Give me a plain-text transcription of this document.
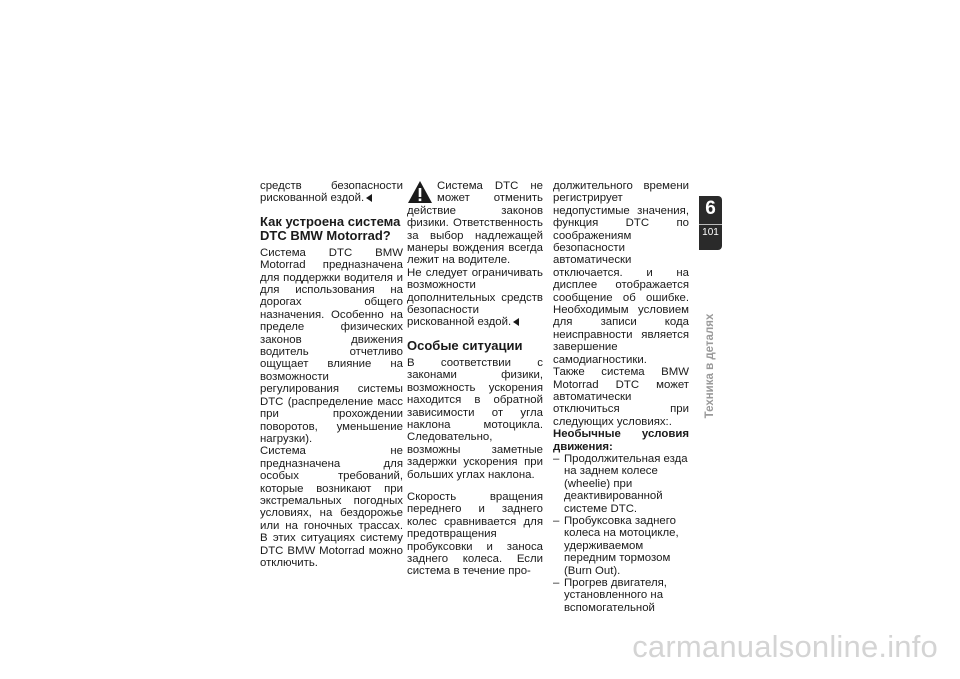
средств безопасности рискованной ездой.

Как устроена система DTC BMW Motorrad?

Система DTC BMW Motorrad предназначена для поддержки водителя и для использования на дорогах общего назначения. Особенно на пределе физических законов движения водитель отчетливо ощущает влияние на возможности регулирования системы DTC (распределение масс при прохождении поворотов, уменьшение нагрузки).

Система не предназначена для особых требований, которые возникают при экстремальных погодных условиях, на бездорожье или на гоночных трассах. В этих ситуациях систему DTC BMW Motorrad можно отключить.

Система DTC не может отменить действие законов физики. Ответственность за выбор надлежащей манеры вождения всегда лежит на водителе.

Не следует ограничивать возможности дополнительных средств безопасности рискованной ездой.

Особые ситуации

В соответствии с законами физики, возможность ускорения находится в обратной зависимости от угла наклона мотоцикла. Следовательно, возможны заметные задержки ускорения при больших углах наклона.

Скорость вращения переднего и заднего колес сравнивается для предотвращения пробуксовки и заноса заднего колеса. Если система в течение про-

должительного времени регистрирует недопустимые значения, функция DTC по соображениям безопасности автоматически отключается. и на дисплее отображается сообщение об ошибке. Необходимым условием для записи кода неисправности является завершение самодиагностики.

Также система BMW Motorrad DTC может автоматически отключиться при следующих условиях:.

Необычные условия движения:

– Продолжительная езда на заднем колесе (wheelie) при деактивированной системе DTC.
– Пробуксовка заднего колеса на мотоцикле, удерживаемом передним тормозом (Burn Out).
– Прогрев двигателя, установленного на вспомогательной
6
101
Техника в деталях
carmanualsonline.info
